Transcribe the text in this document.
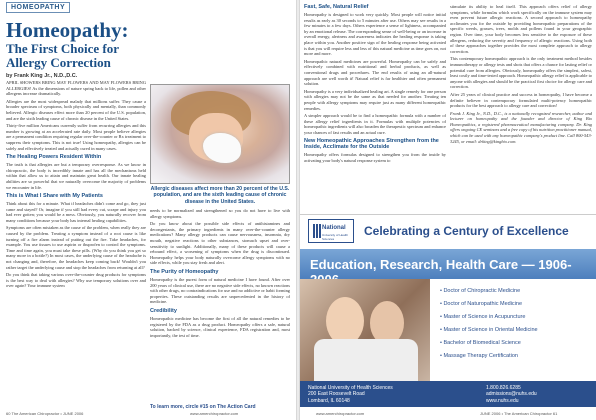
HOMEOPATHY
Homeopathy:
The First Choice for Allergy Correction
by Frank King Jr., N.D.,D.C.

APRIL SHOWERS BRING MAY FLOWERS AND MAY FLOWERS BRING ALLERGIES! As the dimensions of nature spring back to life, pollen and other allergens increase dramatically.

Allergies are the most widespread malady that millions suffer. They cause a broader spectrum of symptoms, both physically and mentally, than commonly believed. Allergic diseases effect more than 20 percent of the U.S. population, and are the sixth leading cause of chronic disease in the United States.

Thirty-five million Americans currently suffer from recurring allergies and this number is growing at an accelerated rate daily. Most people believe allergies are a permanent condition requiring regular over-the-counter or Rx treatment to suppress their symptoms. This is not true! Using homeopathy, allergies can be safely and effectively treated and actually cured in many cases.

The Healing Powers Resident Within

The truth is that allergies are but a temporary overresponse. As we know in chiropractic, the body is incredibly innate and has all the mechanisms held within that allow us to attain and maintain great health. Our innate healing abilities are so powerful that we naturally overcome the majority of problems we encounter in life.

This is What I Share with My Patients

Think about this for a minute. What if headaches didn't come and go, they just came and stayed? Or, imagine if you still had every cut, scrape and injury you had ever gotten; you would be a mess. Obviously, you naturally recover from many conditions because your body has internal healing capabilities.

Symptoms are often mistaken as the cause of the problem, when really they are caused by the problem. Treating a symptom instead of a root cause is like turning off a fire alarm instead of putting out the fire. Take headaches, for example. You use tissues to use aspirin or ibuprofen to control the symptoms. Time and time again, you must take these pills. (Why do you think you get so many more in a bottle?) In most cases, the underlying cause of the headache is not changing and, therefore, the headaches keep coming back! Wouldn't you rather target the underlying cause and stop the headaches from returning at all?

Do you think that taking various over-the-counter drug products for symptoms is the best way to deal with allergies? Why use temporary solutions over and over again? Your immune system

Allergic diseases affect more than 20 percent of the U.S. population, and are the sixth leading cause of chronic disease in the United States.

needs to be normalized and strengthened so you do not have to live with allergy symptoms.

Do you know about the possible side effects of antihistamines and decongestants, the primary ingredients in many over-the-counter allergy medications? Many allergy products can cause nervousness, insomnia, dry mouth, negative reactions to other substances, stomach upset and over-sensitivity to sunlight. Additionally, many of these products will cause a rebound effect, a worsening of symptoms when the drug is discontinued. Homeopathy helps your body naturally overcome allergy symptoms with no side effects, while you stay fresh and alert.

The Purity of Homeopathy

Homeopathy is the purest form of natural medicine I have found. After over 200 years of clinical use, there are no negative side effects, no known reactions with other drugs, no contraindications for use and no addictive or habit forming properties. These outstanding results are unprecedented in the history of medicine.

Credibility

Homeopathic medicine has become the first of all the natural remedies to be registered by the FDA as a drug product. Homeopathy offers a safe, natural solution, backed by science, clinical experience, FDA registration and, most importantly, the test of time.

60 The American Chiropractor • JUNE 2006	www.amerchiropractor.com
Fast, Safe, Natural Relief

Homeopathy is designed to work very quickly. Most people will notice initial results as early as 30 seconds to 5 minutes after use. Others may see results in a few minutes to a few days. Others experience a sense of lightness, accompanied by an emotional release. The corresponding sense of well-being or an increase in overall energy, alertness and awareness indicates the healing response is taking place within you. Another positive sign of the healing response being activated is that you will require less and less of this natural medicine as time goes on, not more and more.

Homeopathic natural medicines are powerful. Homeopathy can be safely and effectively combined with nutritional and herbal products, as well as conventional drugs and procedures. The end results of using an all-natural approach are well worth it! Natural relief is far healthier and often permanent solution.

Homeopathy is a very individualized healing art. A single remedy for one person with allergies may not be the same as that needed for another. Treating ten people with allergy symptoms may require just as many different homeopathic remedies.

A simpler approach would be to find a homeopathic formula with a number of these allergy relief ingredients in it. Formulas with multiple potencies of homeopathic ingredients will also broaden the therapeutic spectrum and enhance your chances of fast results and an actual cure.

New Homeopathic Approaches Strengthen from the Inside, Acclimate for the Outside

Homeopathy offers formulas designed to strengthen you from the inside by activating your body's natural response system to

stimulate its ability to heal itself. This approach offers relief of allergy symptoms, while formulas which work specifically on the immune system may even prevent future allergic reactions. A second approach to homeopathy acclimates you for the outside by providing homeopathic preparations of the specific weeds, grasses, trees, molds and pollens found in your geographic region. Over time, your body becomes less sensitive to the exposure of these allergens, reducing the severity and frequency of allergic reactions. Using both of these approaches together provides the most complete approach to allergy correction.

This contemporary homeopathic approach is the only treatment method besides immunotherapy or allergy tests and shots that offers a chance for lasting relief or potential cure from allergies. Obviously, homeopathy offers the simplest, safest, least costly and time-tested approach. Homeopathic allergy relief is applicable to anyone with allergies and should be the practical first choice for allergy care and correction.

After 25 years of clinical practice and success in homeopathy, I have become a definite believer in contemporary formulated multi-potency homeopathic products for the best approach to allergy care and correction!

Frank J. King Jr., N.D., D.C., is a nationally recognized researcher, author and lecturer on homeopathy and the founder and director of King Bio Homeopathics, a registered pharmaceutical manufacturing company. Dr. King offers ongoing CE seminars and a free copy of his nutrition practitioner manual, which can be used with any homeopathic company's product line. Call 800-543-3245, or email: drking@kingbio.com.

National
University of Health Sciences
Celebrating a Century of Excellence
Education, Research, Health Care — 1906-
• Doctor of Chiropractic Medicine
• Doctor of Naturopathic Medicine
• Master of Science in Acupuncture
• Master of Science in Oriental Medicine
• Bachelor of Biomedical Science
• Massage Therapy Certification
National University of Health Sciences
200 East Roosevelt Road
Lombard, IL 60148
1.800.826.6285
admissions@nuhs.edu
www.nuhs.edu
To learn more, circle #15 on The Action Card
www.amerchiropractor.com	JUNE 2006 • The American Chiropractor 61
